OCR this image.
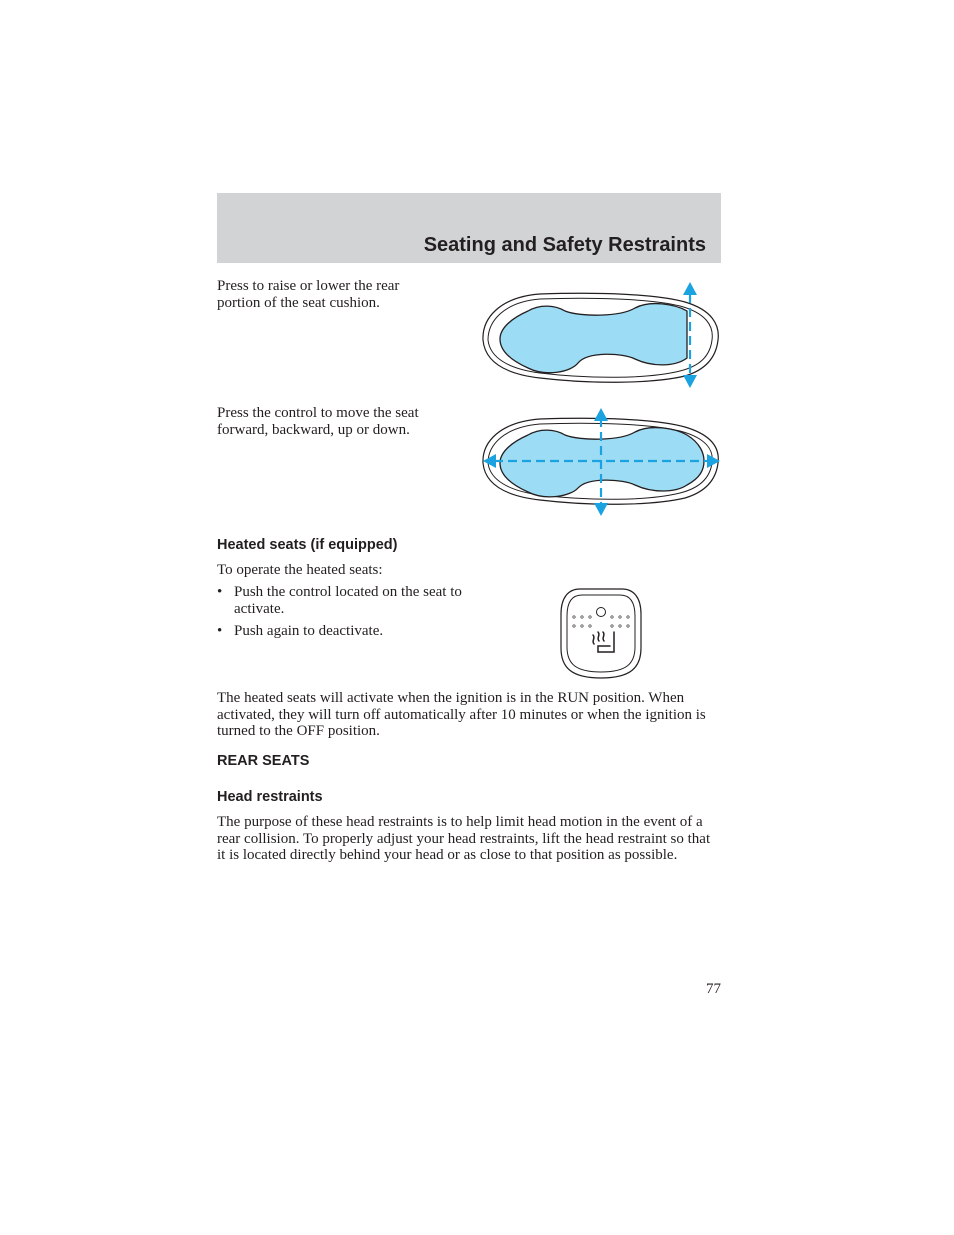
Seating and Safety Restraints
Press to raise or lower the rear portion of the seat cushion.
Press the control to move the seat forward, backward, up or down.
Heated seats (if equipped)
To operate the heated seats:
• Push the control located on the seat to activate.
• Push again to deactivate.
The heated seats will activate when the ignition is in the RUN position. When activated, they will turn off automatically after 10 minutes or when the ignition is turned to the OFF position.
REAR SEATS
Head restraints
The purpose of these head restraints is to help limit head motion in the event of a rear collision. To properly adjust your head restraints, lift the head restraint so that it is located directly behind your head or as close to that position as possible.
77
